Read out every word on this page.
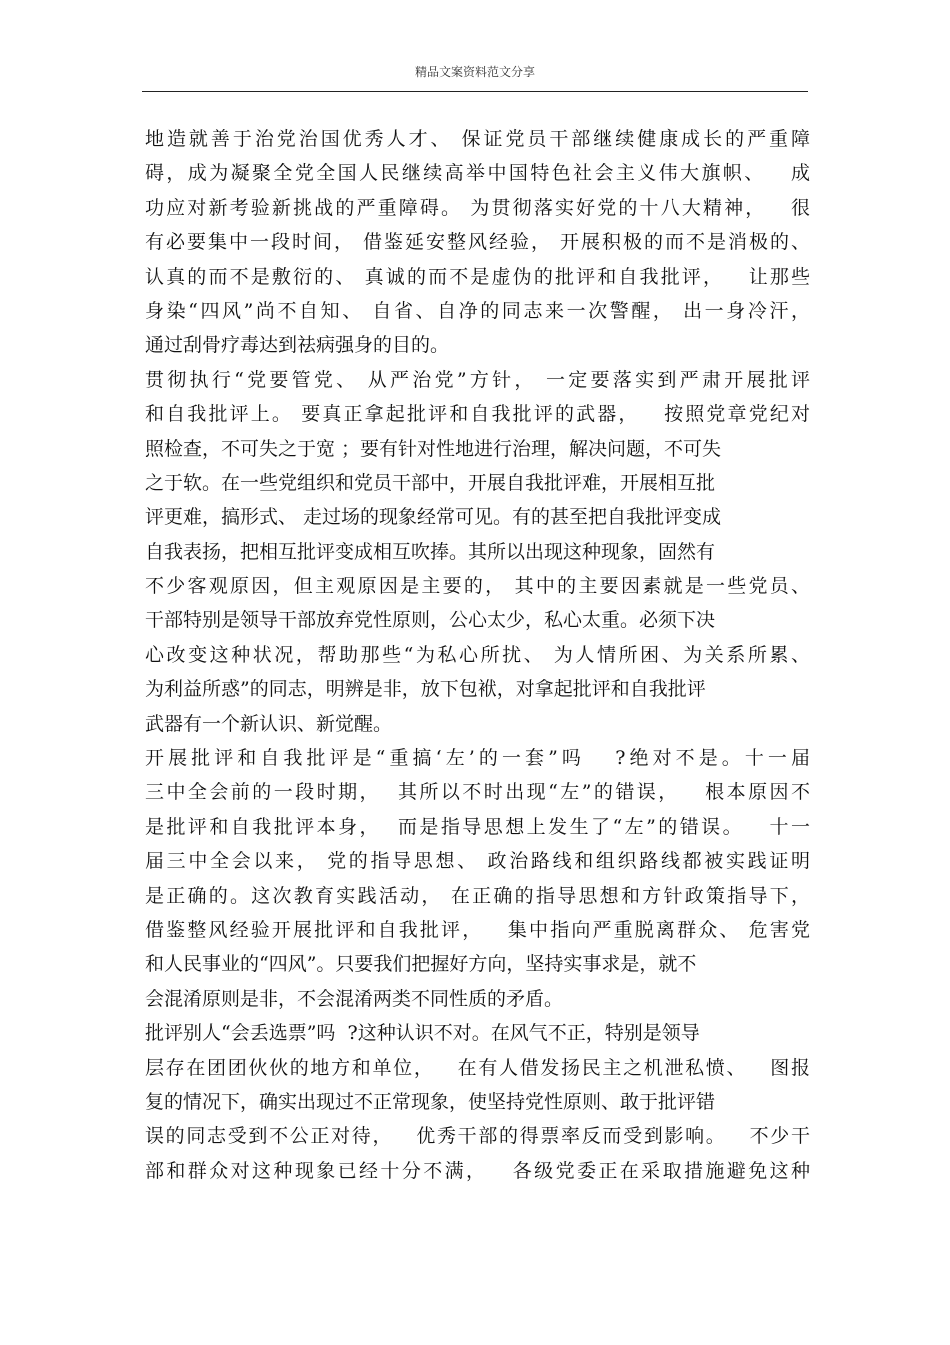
精品文案资料范文分享
地造就善于治党治国优秀人才、 保证党员干部继续健康成长的严重障
碍，成为凝聚全党全国人民继续高举中国特色社会主义伟大旗帜、   成
功应对新考验新挑战的严重障碍。 为贯彻落实好党的十八大精神，   很
有必要集中一段时间， 借鉴延安整风经验， 开展积极的而不是消极的、
认真的而不是敷衍的、 真诚的而不是虚伪的批评和自我批评，   让那些
身染“四风”尚不自知、 自省、自净的同志来一次警醒， 出一身冷汗，
通过刮骨疗毒达到祛病强身的目的。
贯彻执行“党要管党、 从严治党”方针， 一定要落实到严肃开展批评
和自我批评上。 要真正拿起批评和自我批评的武器，   按照党章党纪对
照检查，不可失之于宽 ；要有针对性地进行治理，解决问题，不可失
之于软。在一些党组织和党员干部中，开展自我批评难，开展相互批
评更难，搞形式、 走过场的现象经常可见。有的甚至把自我批评变成
自我表扬，把相互批评变成相互吹捧。其所以出现这种现象，固然有
不少客观原因，但主观原因是主要的， 其中的主要因素就是一些党员、
干部特别是领导干部放弃党性原则，公心太少，私心太重。必须下决
心改变这种状况，帮助那些“为私心所扰、 为人情所困、为关系所累、
为利益所惑”的同志，明辨是非，放下包袱，对拿起批评和自我批评
武器有一个新认识、新觉醒。
开展批评和自我批评是“重搞‘左’的一套”吗   ?绝对不是。十一届
三中全会前的一段时期，  其所以不时出现“左”的错误，   根本原因不
是批评和自我批评本身，  而是指导思想上发生了“左”的错误。   十一
届三中全会以来， 党的指导思想、 政治路线和组织路线都被实践证明
是正确的。这次教育实践活动， 在正确的指导思想和方针政策指导下，
借鉴整风经验开展批评和自我批评，   集中指向严重脱离群众、 危害党
和人民事业的“四风”。只要我们把握好方向，坚持实事求是，就不
会混淆原则是非，不会混淆两类不同性质的矛盾。
批评别人“会丢选票”吗  ?这种认识不对。在风气不正，特别是领导
层存在团团伙伙的地方和单位，   在有人借发扬民主之机泄私愤、   图报
复的情况下，确实出现过不正常现象，使坚持党性原则、敢于批评错
误的同志受到不公正对待，   优秀干部的得票率反而受到影响。   不少干
部和群众对这种现象已经十分不满，   各级党委正在采取措施避免这种
